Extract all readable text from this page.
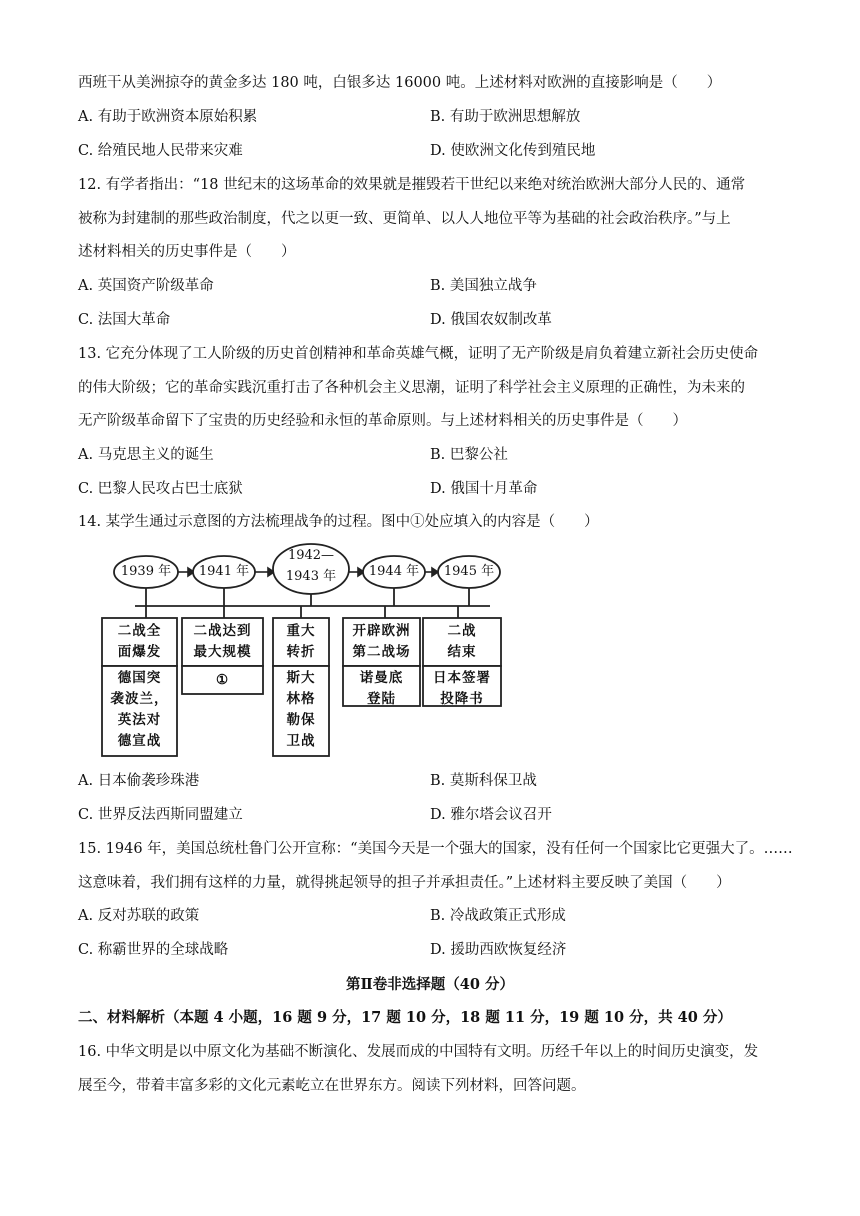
西班干从美洲掠夺的黄金多达 180 吨，白银多达 16000 吨。上述材料对欧洲的直接影响是（　　）
A. 有助于欧洲资本原始积累	B. 有助于欧洲思想解放
C. 给殖民地人民带来灾难	D. 使欧洲文化传到殖民地
12. 有学者指出：“18 世纪末的这场革命的效果就是摧毁若干世纪以来绝对统治欧洲大部分人民的、通常
被称为封建制的那些政治制度，代之以更一致、更简单、以人人地位平等为基础的社会政治秩序。”与上
述材料相关的历史事件是（　　）
A. 英国资产阶级革命	B. 美国独立战争
C. 法国大革命	D. 俄国农奴制改革
13. 它充分体现了工人阶级的历史首创精神和革命英雄气概，证明了无产阶级是肩负着建立新社会历史使命
的伟大阶级；它的革命实践沉重打击了各种机会主义思潮，证明了科学社会主义原理的正确性，为未来的
无产阶级革命留下了宝贵的历史经验和永恒的革命原则。与上述材料相关的历史事件是（　　）
A. 马克思主义的诞生	B. 巴黎公社
C. 巴黎人民攻占巴士底狱	D. 俄国十月革命
14. 某学生通过示意图的方法梳理战争的过程。图中①处应填入的内容是（　　）
1939 年	1941 年
1942—
1943 年	1944 年	1945 年
二战全
面爆发
德国突
袭波兰，
英法对
德宣战
二战达到
最大规模
①
重大
转折
斯大
林格
勒保
卫战
开辟欧洲
第二战场
诺曼底
登陆
二战
结束
日本签署
投降书
A. 日本偷袭珍珠港	B. 莫斯科保卫战
C. 世界反法西斯同盟建立	D. 雅尔塔会议召开
15. 1946 年，美国总统杜鲁门公开宣称：“美国今天是一个强大的国家，没有任何一个国家比它更强大了。……
这意味着，我们拥有这样的力量，就得挑起领导的担子并承担责任。”上述材料主要反映了美国（　　）
A. 反对苏联的政策	B. 冷战政策正式形成
C. 称霸世界的全球战略	D. 援助西欧恢复经济
第Ⅱ卷非选择题（40 分）
二、材料解析（本题 4 小题，16 题 9 分，17 题 10 分，18 题 11 分，19 题 10 分，共 40 分）
16. 中华文明是以中原文化为基础不断演化、发展而成的中国特有文明。历经千年以上的时间历史演变，发
展至今，带着丰富多彩的文化元素屹立在世界东方。阅读下列材料，回答问题。
